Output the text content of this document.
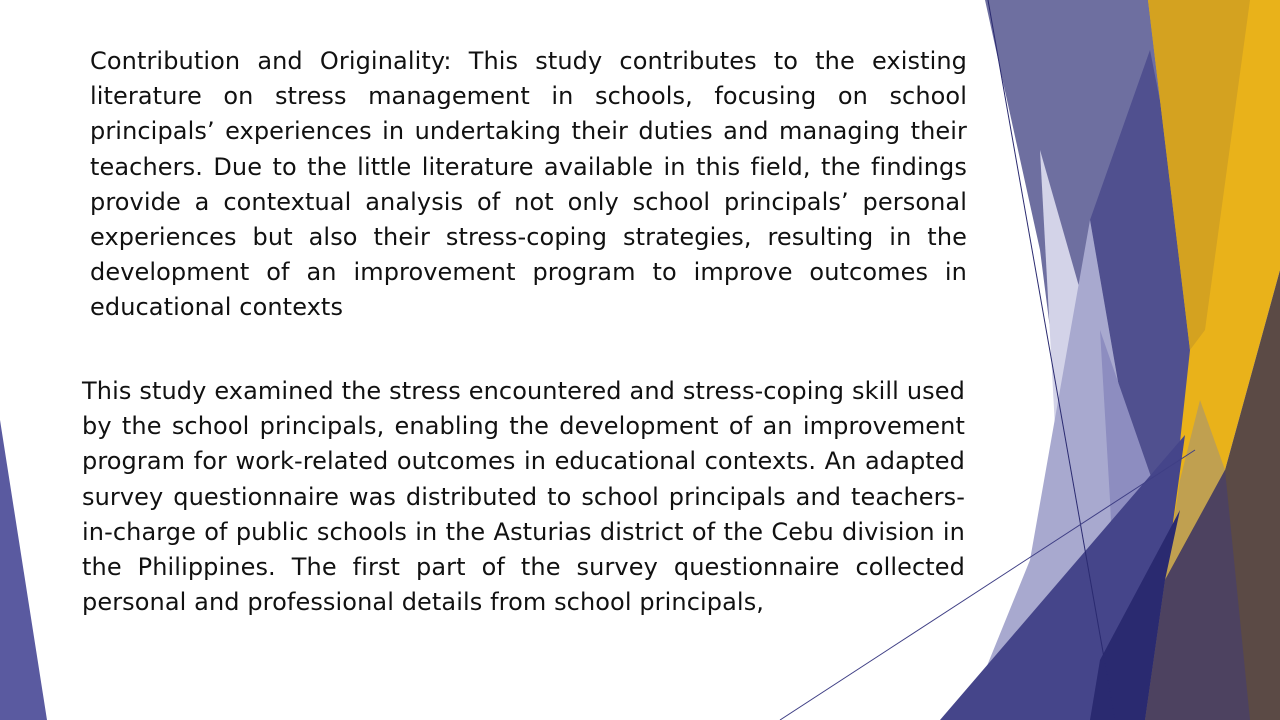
Contribution and Originality: This study contributes to the existing literature on stress management in schools, focusing on school principals’ experiences in undertaking their duties and managing their teachers. Due to the little literature available in this field, the findings provide a contextual analysis of not only school principals’ personal experiences but also their stress-coping strategies, resulting in the development of an improvement program to improve outcomes in educational contexts

This study examined the stress encountered and stress-coping skill used by the school principals, enabling the development of an improvement program for work-related outcomes in educational contexts. An adapted survey questionnaire was distributed to school principals and teachers-in-charge of public schools in the Asturias district of the Cebu division in the Philippines. The first part of the survey questionnaire collected personal and professional details from school principals,
